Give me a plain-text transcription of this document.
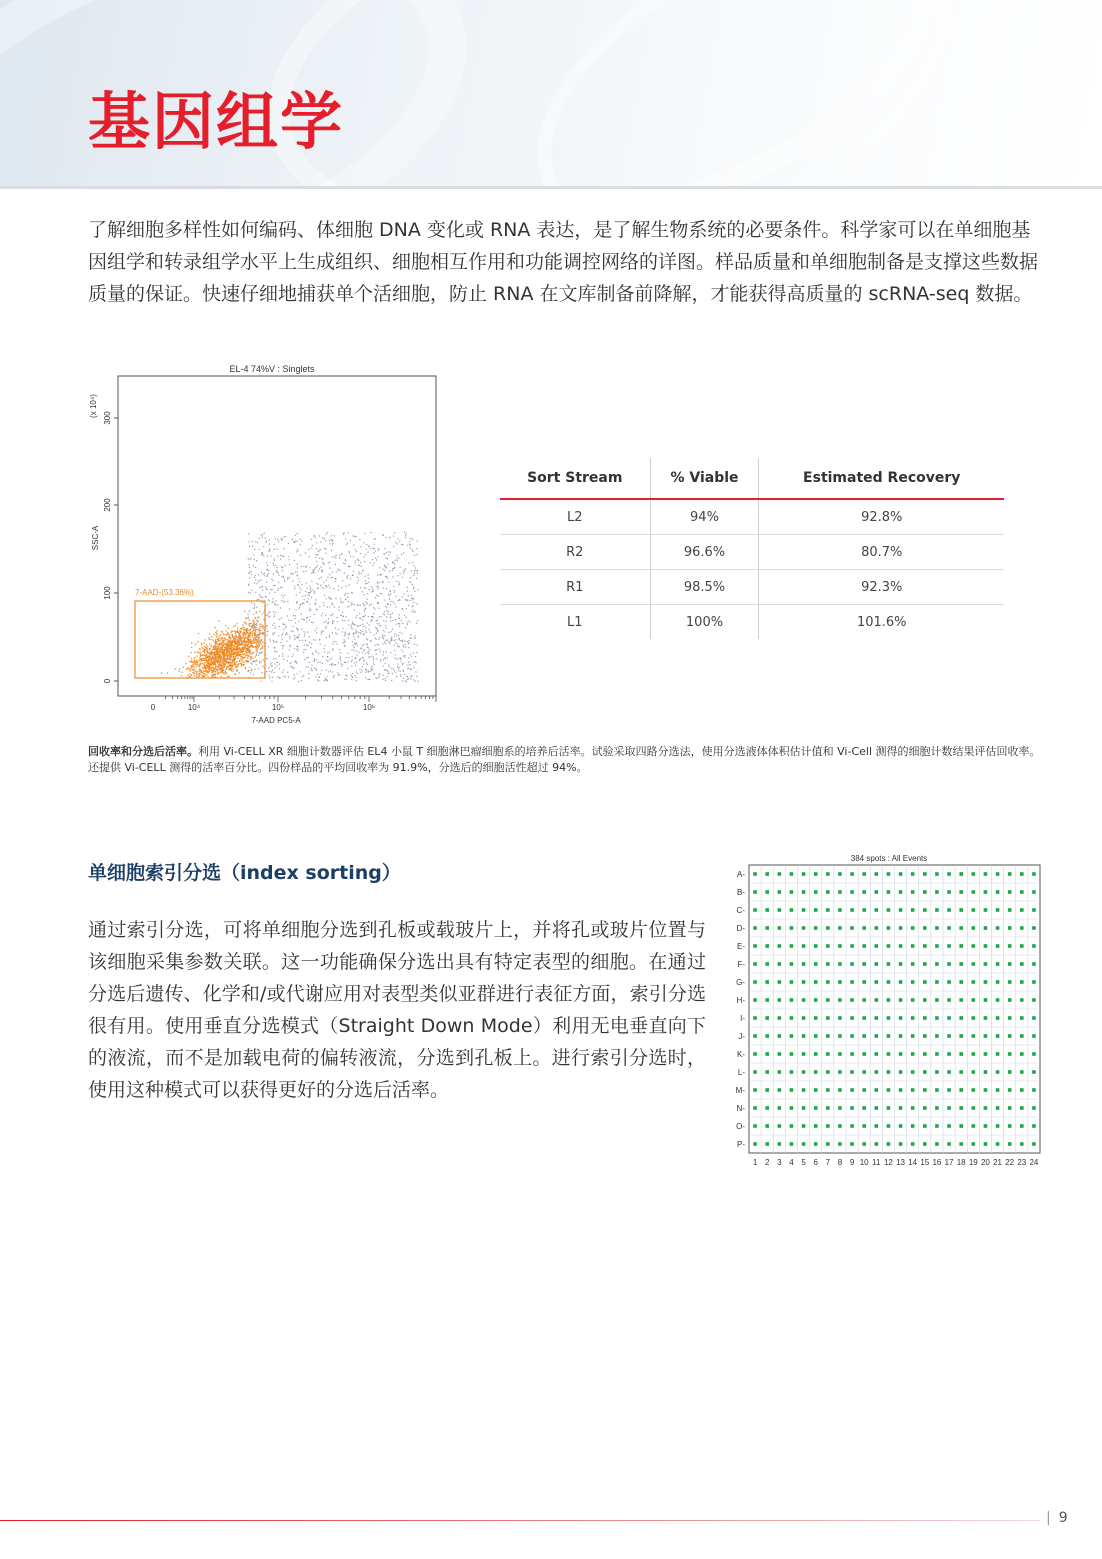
基因组学

了解细胞多样性如何编码、体细胞 DNA 变化或 RNA 表达，是了解生物系统的必要条件。科学家可以在单细胞基因组学和转录组学水平上生成组织、细胞相互作用和功能调控网络的详图。样品质量和单细胞制备是支撑这些数据质量的保证。快速仔细地捕获单个活细胞，防止 RNA 在文库制备前降解，才能获得高质量的 scRNA-seq 数据。

EL-4 74%V : Singlets
(x 10⁴)
SSC-A
300
200
100
0
0	10⁴	10⁵	10⁶
7-AAD PC5-A
7-AAD-(53.36%)
Sort Stream	% Viable	Estimated Recovery
L2	94%	92.8%
R2	96.6%	80.7%
R1	98.5%	92.3%
L1	100%	101.6%

回收率和分选后活率。利用 Vi-CELL XR 细胞计数器评估 EL4 小鼠 T 细胞淋巴瘤细胞系的培养后活率。试验采取四路分选法，使用分选液体体积估计值和 Vi-Cell 测得的细胞计数结果评估回收率。还提供 Vi-CELL 测得的活率百分比。四份样品的平均回收率为 91.9%，分选后的细胞活性超过 94%。

单细胞索引分选（index sorting）

通过索引分选，可将单细胞分选到孔板或载玻片上，并将孔或玻片位置与该细胞采集参数关联。这一功能确保分选出具有特定表型的细胞。在通过分选后遗传、化学和/或代谢应用对表型类似亚群进行表征方面，索引分选很有用。使用垂直分选模式（Straight Down Mode）利用无电垂直向下的液流，而不是加载电荷的偏转液流，分选到孔板上。进行索引分选时，使用这种模式可以获得更好的分选后活率。

384 spots : All Events
A-
B-
C-
D-
E-
F-
G-
H-
I-
J-
K-
L-
M-
N-
O-
P-
1 2 3 4 5 6 7 8 9 10 11 12 13 14 15 16 17 18 19 20 21 22 23 24
| 9
